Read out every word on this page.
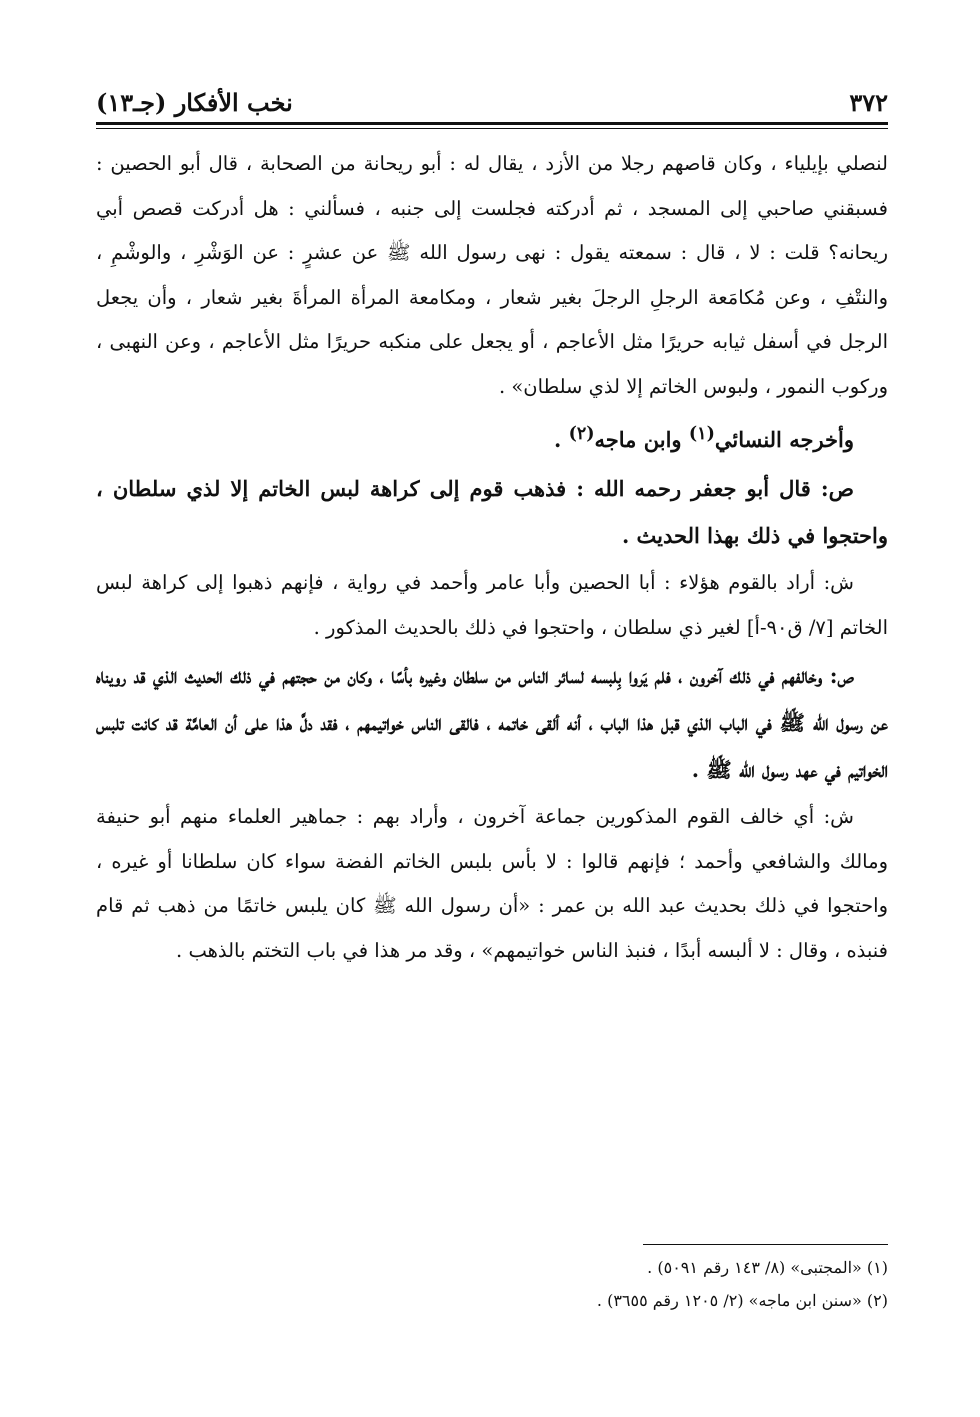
٣٧٢
نخب الأفكار (جـ١٣)

لنصلي بإيلياء ، وكان قاصهم رجلا من الأزد ، يقال له : أبو ريحانة من الصحابة ، قال أبو الحصين : فسبقني صاحبي إلى المسجد ، ثم أدركته فجلست إلى جنبه ، فسألني : هل أدركت قصص أبي ريحانه؟ قلت : لا ، قال : سمعته يقول : نهى رسول الله ﷺ عن عشرٍ : عن الوَشْرِ ، والوشْمِ ، والنتْفِ ، وعن مُكامَعة الرجلِ الرجلَ بغير شعار ، ومكامعة المرأة المرأةَ بغير شعار ، وأن يجعل الرجل في أسفل ثيابه حريرًا مثل الأعاجم ، أو يجعل على منكبه حريرًا مثل الأعاجم ، وعن النهبى ، وركوب النمور ، ولبوس الخاتم إلا لذي سلطان» .

وأخرجه النسائي$^{(١)}$ وابن ماجه$^{(٢)}$ .

ص: قال أبو جعفر رحمه الله : فذهب قوم إلى كراهة لبس الخاتم إلا لذي سلطان ، واحتجوا في ذلك بهذا الحديث .

ش: أراد بالقوم هؤلاء : أبا الحصين وأبا عامر وأحمد في رواية ، فإنهم ذهبوا إلى كراهة لبس الخاتم [٧/ ق٩٠-أ] لغير ذي سلطان ، واحتجوا في ذلك بالحديث المذكور .

ص: وخالفهم في ذلك آخرون ، فلم يَروا بِلبسه لسائر الناس من سلطان وغيره بأسًا ، وكان من حجتهم في ذلك الحديث الذي قد رويناه عن رسول الله ﷺ في الباب الذي قبل هذا الباب ، أنه ألقى خاتمه ، فالقى الناس خواتيمهم ، فقد دلَّ هذا على أن العامَّة قد كانت تلبس الخواتيم في عهد رسول الله ﷺ .

ش: أي خالف القوم المذكورين جماعة آخرون ، وأراد بهم : جماهير العلماء منهم أبو حنيفة ومالك والشافعي وأحمد ؛ فإنهم قالوا : لا بأس بلبس الخاتم الفضة سواء كان سلطانا أو غيره ، واحتجوا في ذلك بحديث عبد الله بن عمر : «أن رسول الله ﷺ كان يلبس خاتمًا من ذهب ثم قام فنبذه ، وقال : لا ألبسه أبدًا ، فنبذ الناس خواتيمهم» ، وقد مر هذا في باب التختم بالذهب .

(١) «المجتبى» (٨/ ١٤٣ رقم ٥٠٩١) .

(٢) «سنن ابن ماجه» (٢/ ١٢٠٥ رقم ٣٦٥٥) .
